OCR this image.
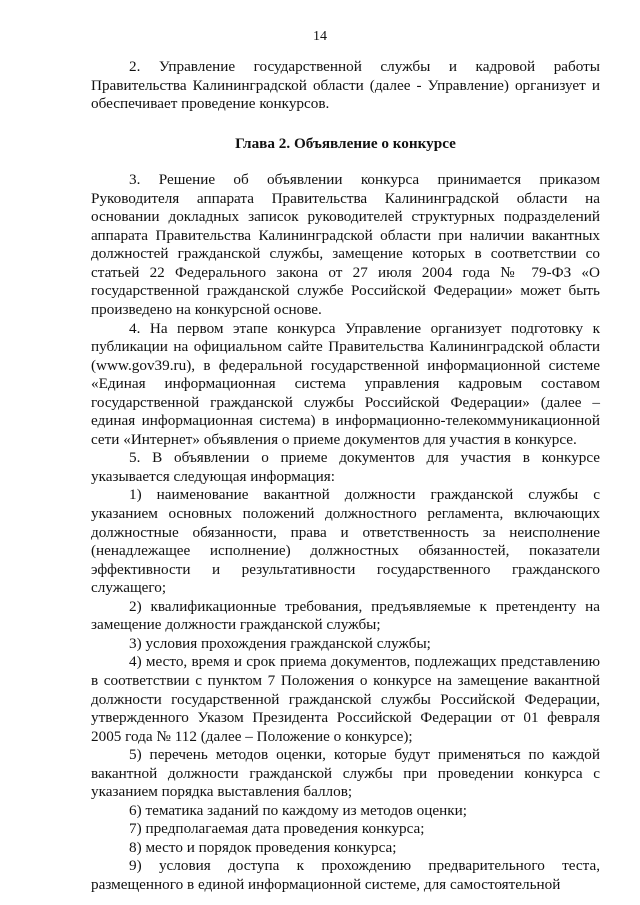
14

2. Управление государственной службы и кадровой работы Правительства Калининградской области (далее - Управление) организует и обеспечивает проведение конкурсов.

Глава 2. Объявление о конкурсе

3. Решение об объявлении конкурса принимается приказом Руководителя аппарата Правительства Калининградской области на основании докладных записок руководителей структурных подразделений аппарата Правительства Калининградской области при наличии вакантных должностей гражданской службы, замещение которых в соответствии со статьей 22 Федерального закона от 27 июля 2004 года № 79-ФЗ «О государственной гражданской службе Российской Федерации» может быть произведено на конкурсной основе.

4. На первом этапе конкурса Управление организует подготовку к публикации на официальном сайте Правительства Калининградской области (www.gov39.ru), в федеральной государственной информационной системе «Единая информационная система управления кадровым составом государственной гражданской службы Российской Федерации» (далее – единая информационная система) в информационно-телекоммуникационной сети «Интернет» объявления о приеме документов для участия в конкурсе.

5. В объявлении о приеме документов для участия в конкурсе указывается следующая информация:

1) наименование вакантной должности гражданской службы с указанием основных положений должностного регламента, включающих должностные обязанности, права и ответственность за неисполнение (ненадлежащее исполнение) должностных обязанностей, показатели эффективности и результативности государственного гражданского служащего;

2) квалификационные требования, предъявляемые к претенденту на замещение должности гражданской службы;

3) условия прохождения гражданской службы;

4) место, время и срок приема документов, подлежащих представлению в соответствии с пунктом 7 Положения о конкурсе на замещение вакантной должности государственной гражданской службы Российской Федерации, утвержденного Указом Президента Российской Федерации от 01 февраля 2005 года № 112 (далее – Положение о конкурсе);

5) перечень методов оценки, которые будут применяться по каждой вакантной должности гражданской службы при проведении конкурса с указанием порядка выставления баллов;

6) тематика заданий по каждому из методов оценки;

7) предполагаемая дата проведения конкурса;

8) место и порядок проведения конкурса;

9) условия доступа к прохождению предварительного теста, размещенного в единой информационной системе, для самостоятельной
